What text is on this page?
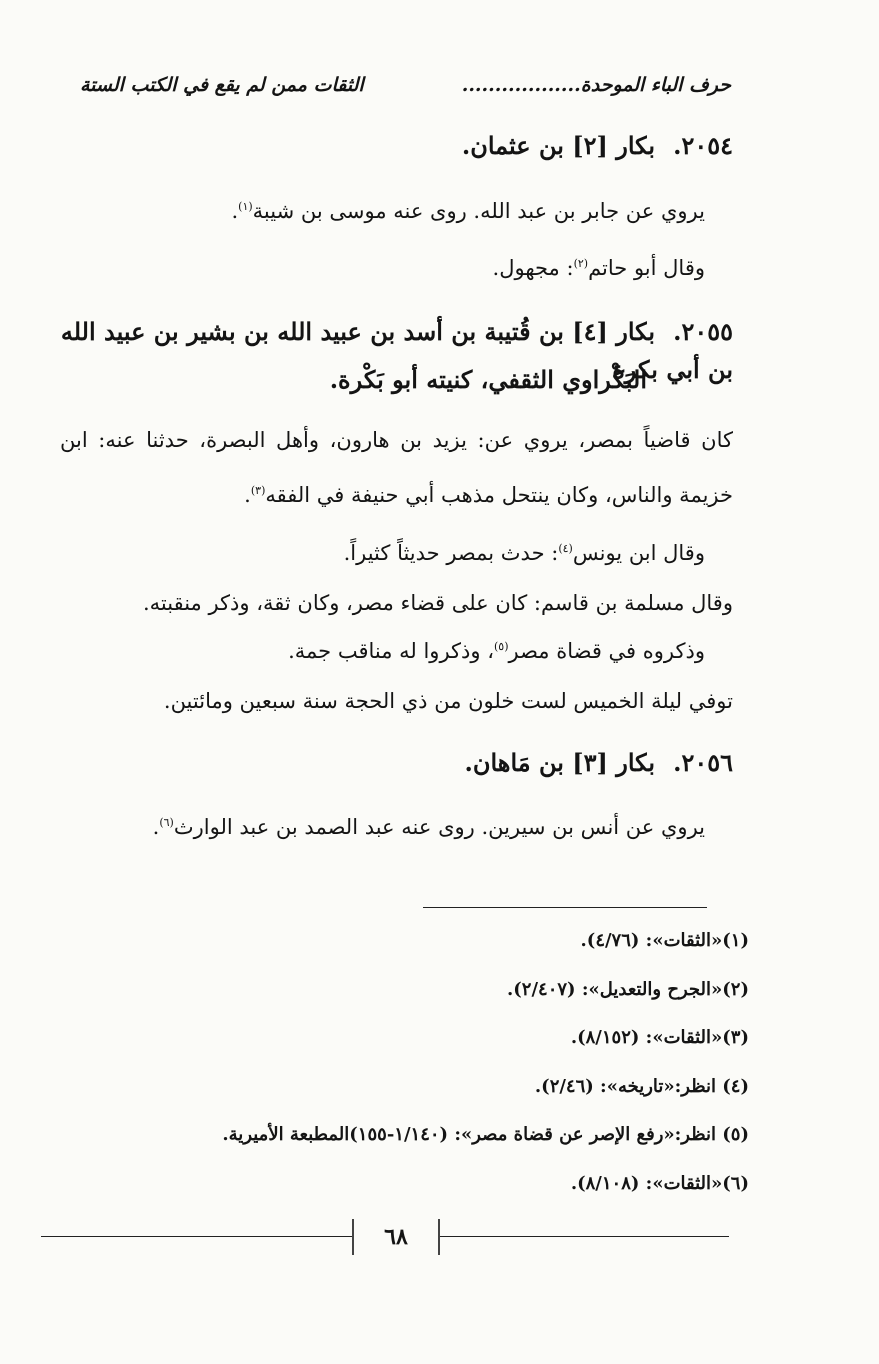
حرف الباء الموحدة..................
الثقات ممن لم يقع في الكتب الستة
٢٠٥٤.بكار [٢] بن عثمان.
يروي عن جابر بن عبد الله. روى عنه موسى بن شيبة$^{(١)}$.
وقال أبو حاتم$^{(٢)}$: مجهول.
٢٠٥٥.بكار [٤] بن قُتيبة بن أسد بن عبيد الله بن بشير بن عبيد الله بن أبي بكرة
البَكْراوي الثقفي، كنيته أبو بَكْرة.
كان قاضياً بمصر، يروي عن: يزيد بن هارون، وأهل البصرة، حدثنا عنه: ابن
خزيمة والناس، وكان ينتحل مذهب أبي حنيفة في الفقه$^{(٣)}$.
وقال ابن يونس$^{(٤)}$: حدث بمصر حديثاً كثيراً.
وقال مسلمة بن قاسم: كان على قضاء مصر، وكان ثقة، وذكر منقبته.
وذكروه في قضاة مصر$^{(٥)}$، وذكروا له مناقب جمة.
توفي ليلة الخميس لست خلون من ذي الحجة سنة سبعين ومائتين.
٢٠٥٦.بكار [٣] بن مَاهان.
يروي عن أنس بن سيرين. روى عنه عبد الصمد بن عبد الوارث$^{(٦)}$.
(١)«الثقات»: (٤/٧٦).
(٢)«الجرح والتعديل»: (٢/٤٠٧).
(٣)«الثقات»: (٨/١٥٢).
(٤) انظر:«تاريخه»: (٢/٤٦).
(٥) انظر:«رفع الإصر عن قضاة مصر»: (١/١٤٠-١٥٥)المطبعة الأميرية.
(٦)«الثقات»: (٨/١٠٨).
٦٨
